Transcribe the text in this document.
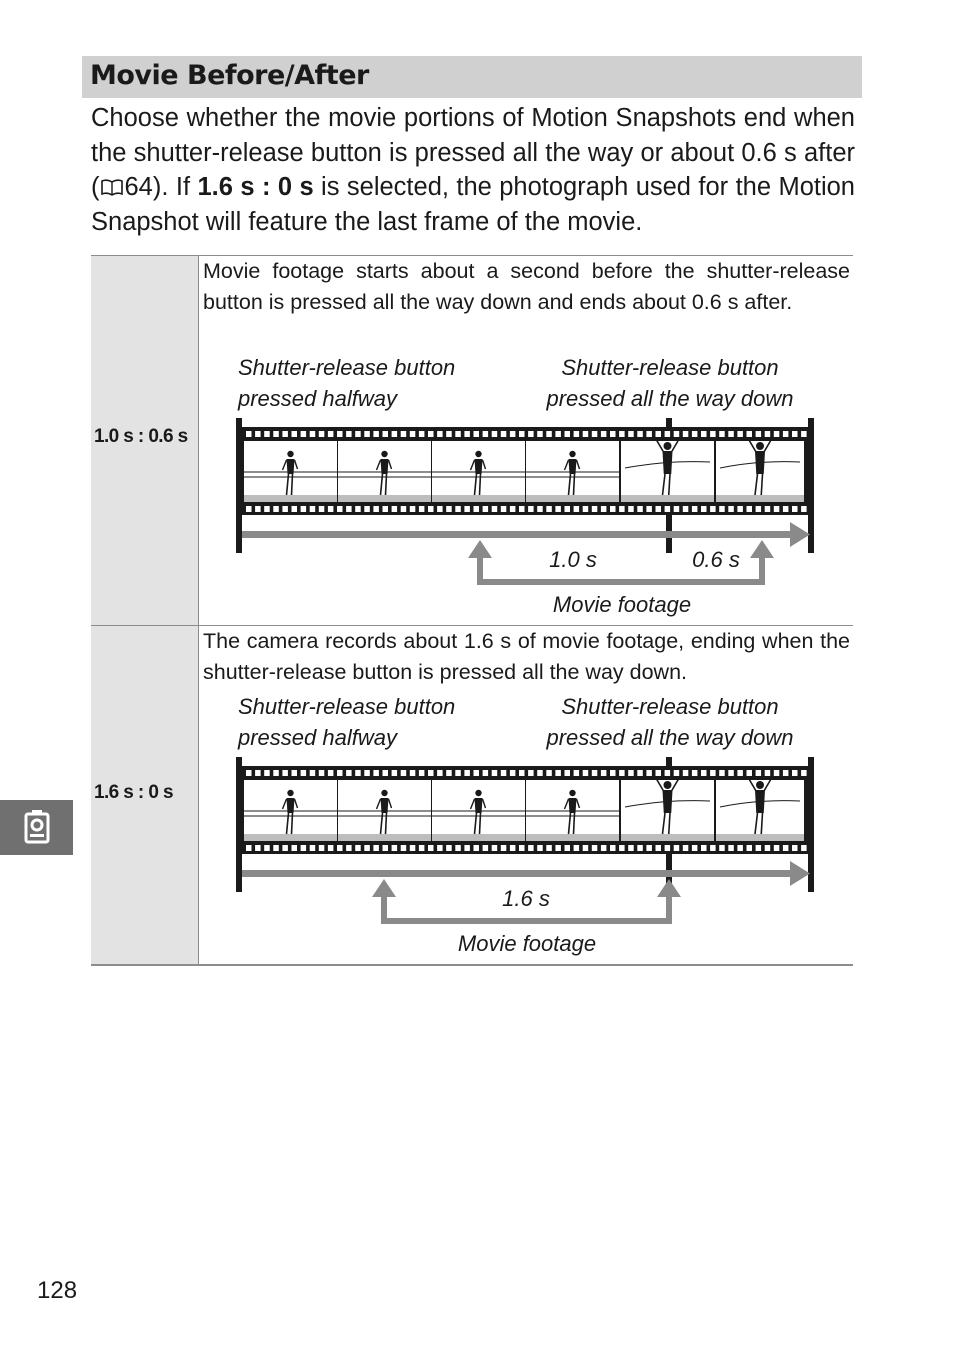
Movie Before/After
Choose whether the movie portions of Motion Snapshots end when the shutter-release button is pressed all the way or about 0.6 s after ( 64). If 1.6 s : 0 s is selected, the photograph used for the Motion Snapshot will feature the last frame of the movie.
1.0 s : 0.6 s
Movie footage starts about a second before the shutter-release button is pressed all the way down and ends about 0.6 s after.
Shutter-release button
pressed halfway
Shutter-release button
pressed all the way down
1.0 s	0.6 s
Movie footage
1.6 s : 0 s
The camera records about 1.6 s of movie footage, ending when the shutter-release button is pressed all the way down.
Shutter-release button
pressed halfway
Shutter-release button
pressed all the way down
1.6 s
Movie footage
128
